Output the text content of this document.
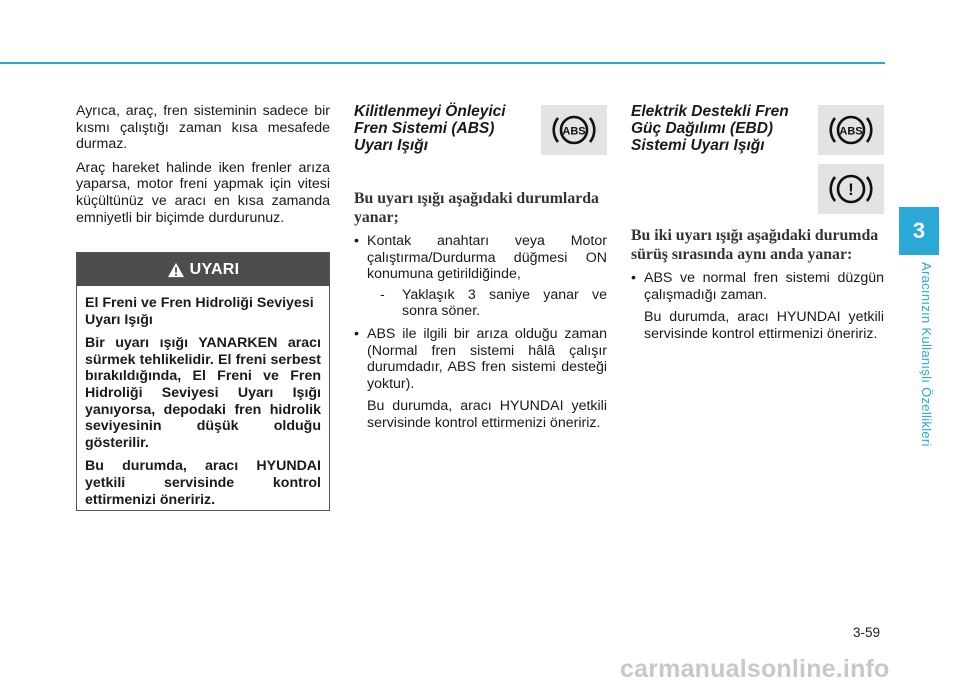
Ayrıca, araç, fren sisteminin sadece bir kısmı çalıştığı zaman kısa mesafede durmaz.

Araç hareket halinde iken frenler arıza yaparsa, motor freni yapmak için vitesi küçültünüz ve aracı en kısa zamanda emniyetli bir biçimde durdurunuz.

UYARI

El Freni ve Fren Hidroliği Seviyesi Uyarı Işığı

Bir uyarı ışığı YANARKEN aracı sürmek tehlikelidir. El freni serbest bırakıldığında, El Freni ve Fren Hidroliği Seviyesi Uyarı Işığı yanıyorsa, depodaki fren hidrolik seviyesinin düşük olduğu gösterilir.

Bu durumda, aracı HYUNDAI yetkili servisinde kontrol ettirmenizi öneririz.

Kilitlenmeyi Önleyici Fren Sistemi (ABS) Uyarı Işığı

ABS

Bu uyarı ışığı aşağıdaki durumlarda yanar;

• Kontak anahtarı veya Motor çalıştırma/Durdurma düğmesi ON konumuna getirildiğinde,
- Yaklaşık 3 saniye yanar ve sonra söner.
• ABS ile ilgili bir arıza olduğu zaman (Normal fren sistemi hâlâ çalışır durumdadır, ABS fren sistemi desteği yoktur).

Bu durumda, aracı HYUNDAI yetkili servisinde kontrol ettirmenizi öneririz.

Elektrik Destekli Fren Güç Dağılımı (EBD) Sistemi Uyarı Işığı

ABS
!

Bu iki uyarı ışığı aşağıdaki durumda sürüş sırasında aynı anda yanar:

• ABS ve normal fren sistemi düzgün çalışmadığı zaman.

Bu durumda, aracı HYUNDAI yetkili servisinde kontrol ettirmenizi öneririz.

3
Aracınızın Kullanışlı Özellikleri
3-59
carmanualsonline.info
